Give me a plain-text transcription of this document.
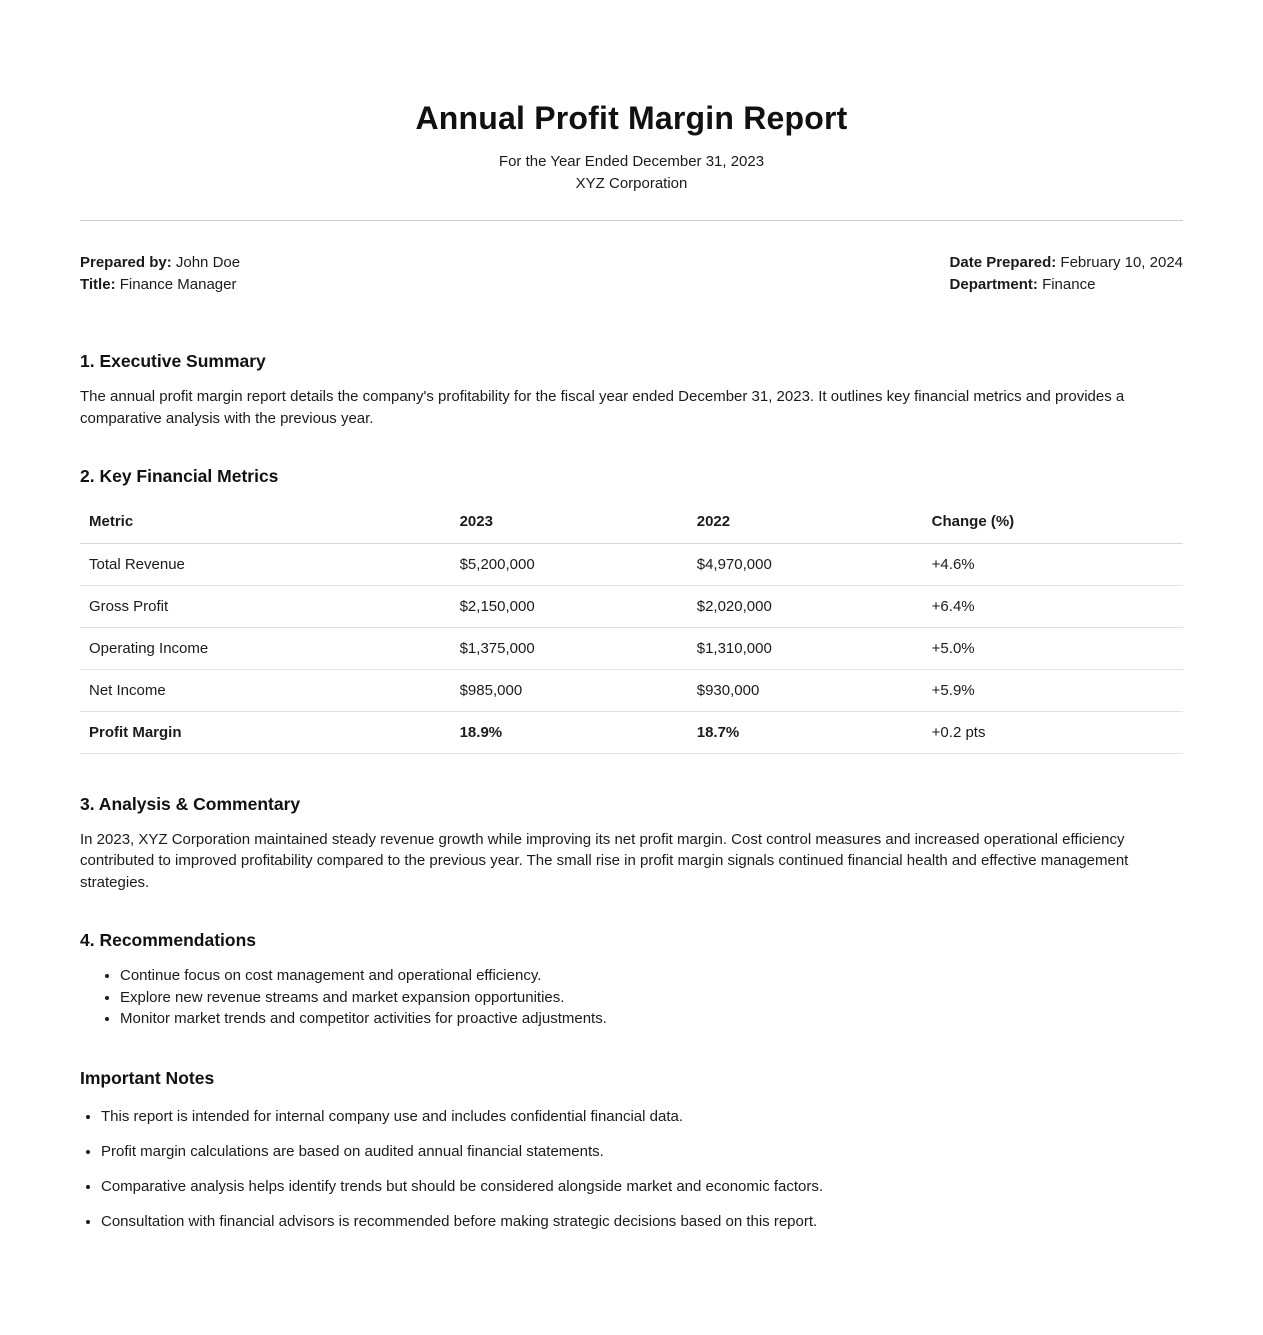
Annual Profit Margin Report
For the Year Ended December 31, 2023
XYZ Corporation
Prepared by: John Doe
Title: Finance Manager
Date Prepared: February 10, 2024
Department: Finance
1. Executive Summary

The annual profit margin report details the company's profitability for the fiscal year ended December 31, 2023. It outlines key financial metrics and provides a comparative analysis with the previous year.

2. Key Financial Metrics
Metric	2023	2022	Change (%)
Total Revenue	$5,200,000	$4,970,000	+4.6%
Gross Profit	$2,150,000	$2,020,000	+6.4%
Operating Income	$1,375,000	$1,310,000	+5.0%
Net Income	$985,000	$930,000	+5.9%
Profit Margin	18.9%	18.7%	+0.2 pts
3. Analysis & Commentary

In 2023, XYZ Corporation maintained steady revenue growth while improving its net profit margin. Cost control measures and increased operational efficiency contributed to improved profitability compared to the previous year. The small rise in profit margin signals continued financial health and effective management strategies.

4. Recommendations
• Continue focus on cost management and operational efficiency.
• Explore new revenue streams and market expansion opportunities.
• Monitor market trends and competitor activities for proactive adjustments.
Important Notes
• This report is intended for internal company use and includes confidential financial data.
• Profit margin calculations are based on audited annual financial statements.
• Comparative analysis helps identify trends but should be considered alongside market and economic factors.
• Consultation with financial advisors is recommended before making strategic decisions based on this report.
